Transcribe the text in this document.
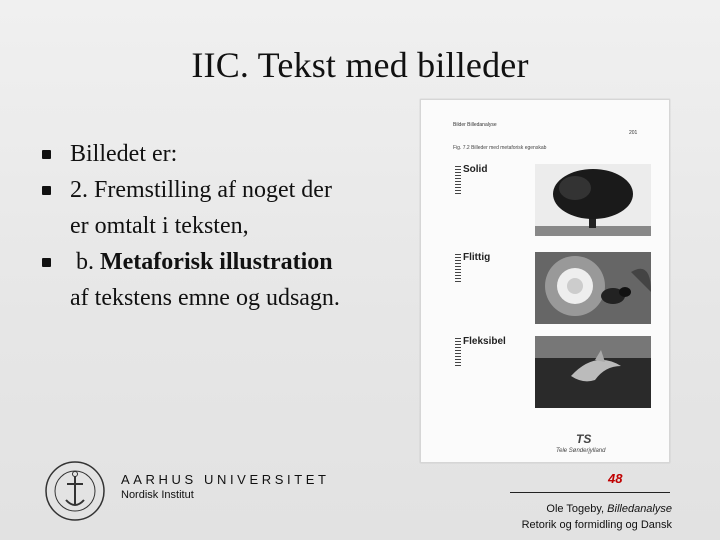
IIC. Tekst med billeder
Billedet er:
2. Fremstilling af noget der
er omtalt i teksten,
b. Metaforisk illustration
af tekstens emne og udsagn.
Bilder Billedanalyse
201
Fig. 7.2 Billeder med metaforisk egenskab
Solid
Flittig
Fleksibel
TS
Tele Sønderjylland
AARHUS UNIVERSITET
Nordisk Institut
48
Ole Togeby, Billedanalyse
Retorik og formidling og Dansk
